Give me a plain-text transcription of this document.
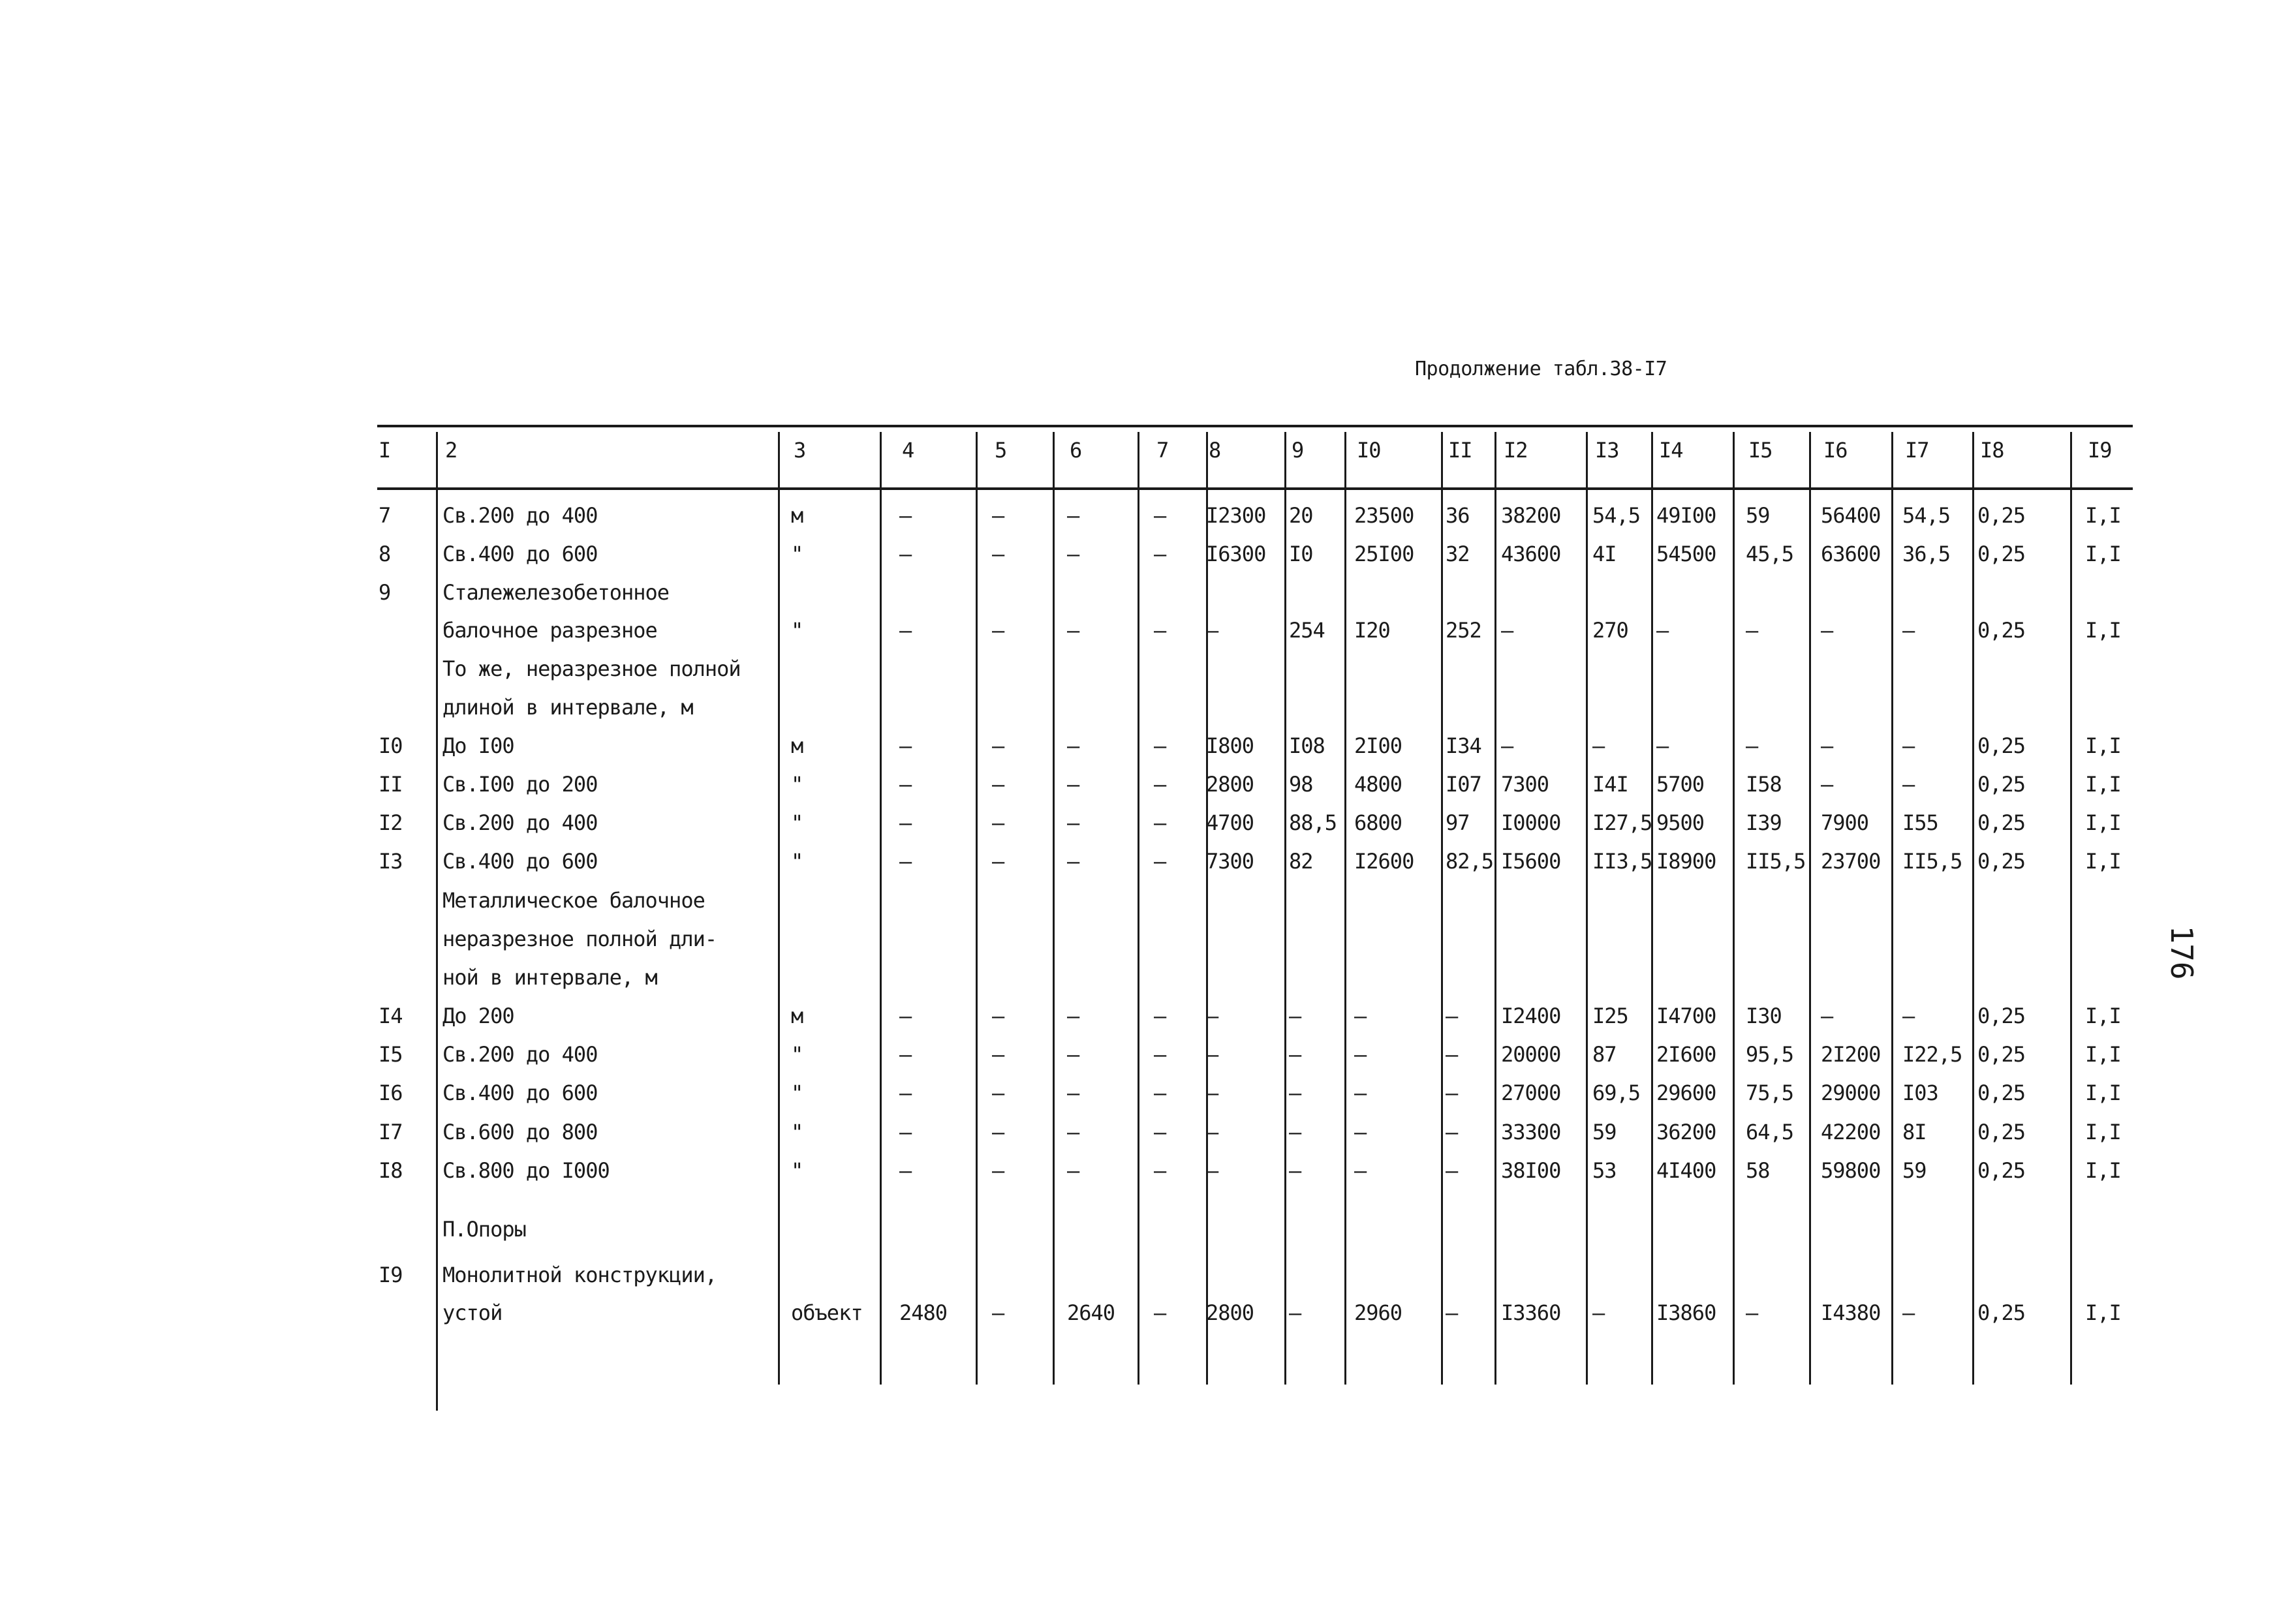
Продолжение табл.38-I7
176
I	2	3	4	5	6	7 8	9	I0	II I2	I3 I4	I5 I6	I7 I8	I9
7 Св.200 до 400	м	–	–	–	– I2300 20 23500 36 38200 54,5 49I00 59 56400 54,5 0,25	I,I
8 Св.400 до 600	"	–	–	–	– I6300 I0 25I00 32 43600 4I 54500 45,5 63600 36,5 0,25	I,I
9 Сталежелезобетонное
балочное разрезное	"	–	–	–	– –	254 I20	252 –	270 –	–	–	–	0,25	I,I
То же, неразрезное полной
длиной в интервале, м
I0 До I00	м	–	–	–	– I800 I08 2I00 I34 –	– –	–	–	–	0,25	I,I
II Св.I00 до 200	"	–	–	–	– 2800 98 4800 I07 7300 I4I 5700 I58 –	–	0,25	I,I
I2 Св.200 до 400	"	–	–	–	– 4700 88,5 6800 97 I0000 I27,5 9500 I39 7900 I55 0,25	I,I
I3 Св.400 до 600	"	–	–	–	– 7300 82 I2600 82,5 I5600 II3,5 I8900 II5,5 23700 II5,5 0,25	I,I
Металлическое балочное
неразрезное полной дли-
ной в интервале, м
I4 До 200	м	–	–	–	– –	–	–	– I2400 I25 I4700 I30 –	–	0,25	I,I
I5 Св.200 до 400	"	–	–	–	– –	–	–	– 20000 87 2I600 95,5 2I200 I22,5 0,25	I,I
I6 Св.400 до 600	"	–	–	–	– –	–	–	– 27000 69,5 29600 75,5 29000 I03 0,25	I,I
I7 Св.600 до 800	"	–	–	–	– –	–	–	– 33300 59 36200 64,5 42200 8I 0,25	I,I
I8 Св.800 до I000	"	–	–	–	– –	–	–	– 38I00 53 4I400 58 59800 59 0,25	I,I
П.Опоры
I9 Монолитной конструкции,
устой	объект 2480 –	2640 – 2800 –	2960 – I3360 – I3860 –	I4380 –	0,25	I,I
